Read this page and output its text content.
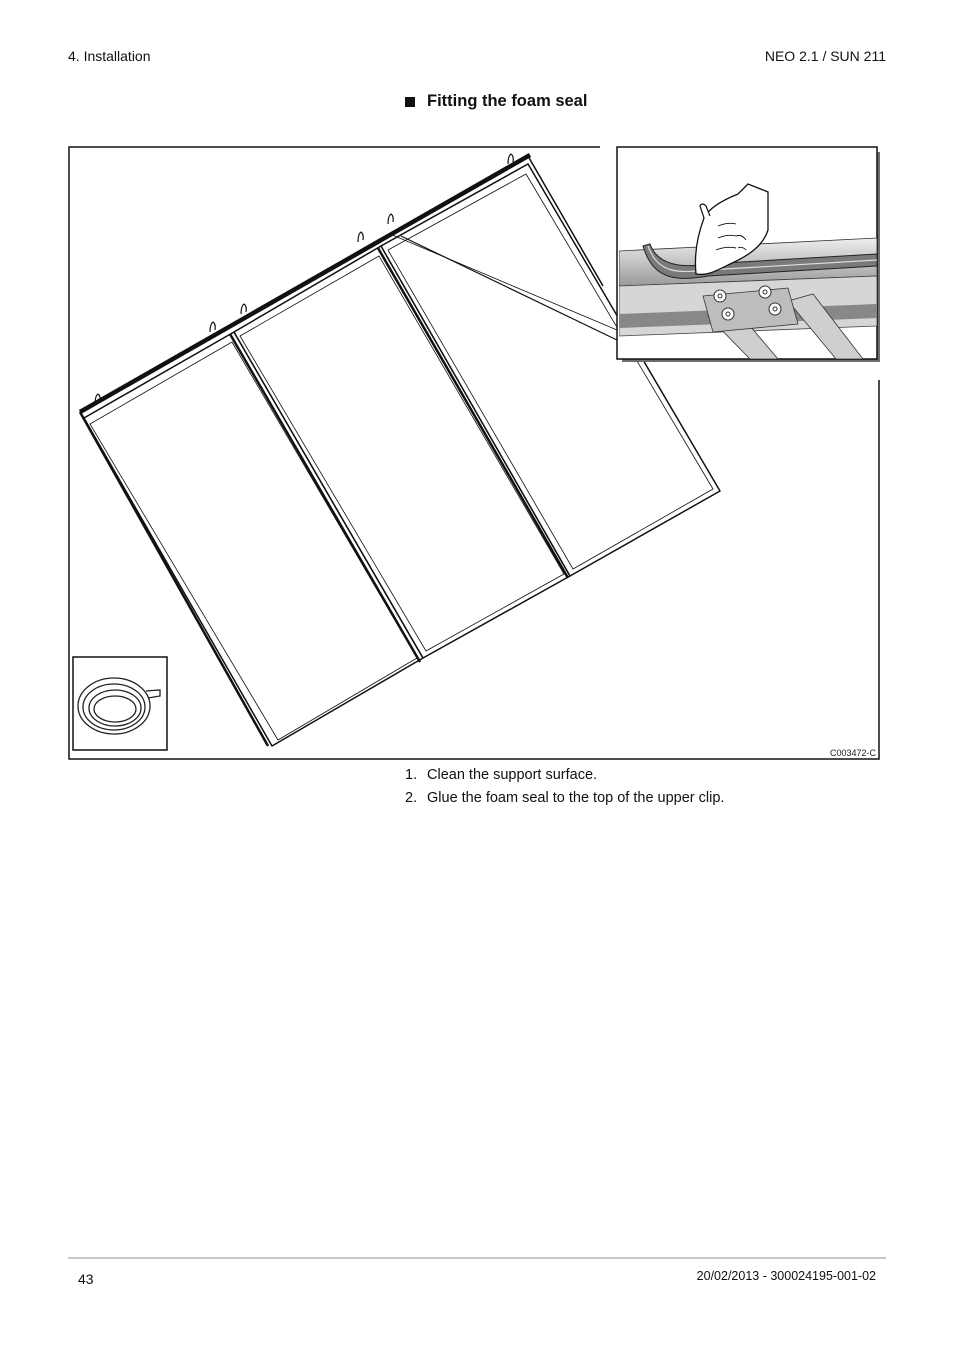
4. Installation	NEO 2.1 / SUN 211
Fitting the foam seal
C003472-C
1. Clean the support surface.
2. Glue the foam seal to the top of the upper clip.
43	20/02/2013 - 300024195-001-02
